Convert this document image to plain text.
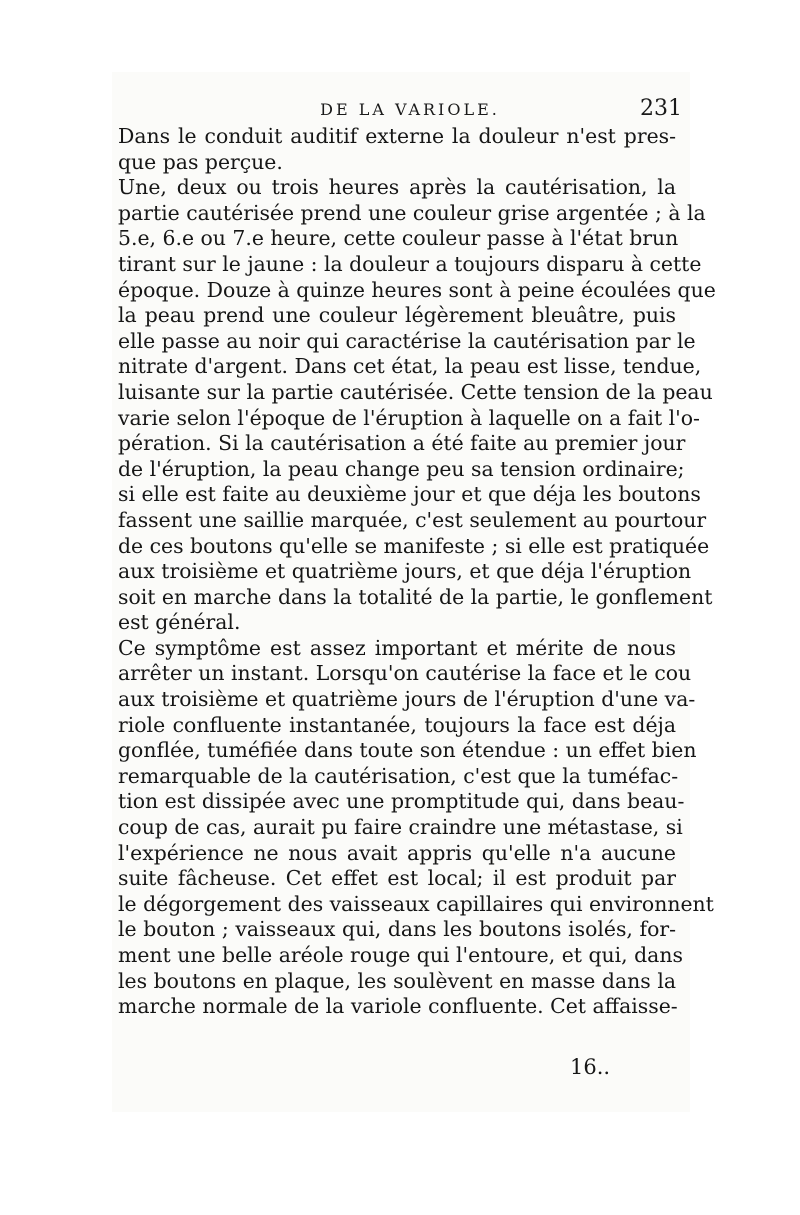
DE LA VARIOLE.	231
Dans le conduit auditif externe la douleur n'est pres-
que pas perçue.
Une, deux ou trois heures après la cautérisation, la
partie cautérisée prend une couleur grise argentée ; à la
5.e, 6.e ou 7.e heure, cette couleur passe à l'état brun
tirant sur le jaune : la douleur a toujours disparu à cette
époque. Douze à quinze heures sont à peine écoulées que
la peau prend une couleur légèrement bleuâtre, puis
elle passe au noir qui caractérise la cautérisation par le
nitrate d'argent. Dans cet état, la peau est lisse, tendue,
luisante sur la partie cautérisée. Cette tension de la peau
varie selon l'époque de l'éruption à laquelle on a fait l'o-
pération. Si la cautérisation a été faite au premier jour
de l'éruption, la peau change peu sa tension ordinaire;
si elle est faite au deuxième jour et que déja les boutons
fassent une saillie marquée, c'est seulement au pourtour
de ces boutons qu'elle se manifeste ; si elle est pratiquée
aux troisième et quatrième jours, et que déja l'éruption
soit en marche dans la totalité de la partie, le gonflement
est général.
Ce symptôme est assez important et mérite de nous
arrêter un instant. Lorsqu'on cautérise la face et le cou
aux troisième et quatrième jours de l'éruption d'une va-
riole confluente instantanée, toujours la face est déja
gonflée, tuméfiée dans toute son étendue : un effet bien
remarquable de la cautérisation, c'est que la tuméfac-
tion est dissipée avec une promptitude qui, dans beau-
coup de cas, aurait pu faire craindre une métastase, si
l'expérience ne nous avait appris qu'elle n'a aucune
suite fâcheuse. Cet effet est local; il est produit par
le dégorgement des vaisseaux capillaires qui environnent
le bouton ; vaisseaux qui, dans les boutons isolés, for-
ment une belle aréole rouge qui l'entoure, et qui, dans
les boutons en plaque, les soulèvent en masse dans la
marche normale de la variole confluente. Cet affaisse-
16..
